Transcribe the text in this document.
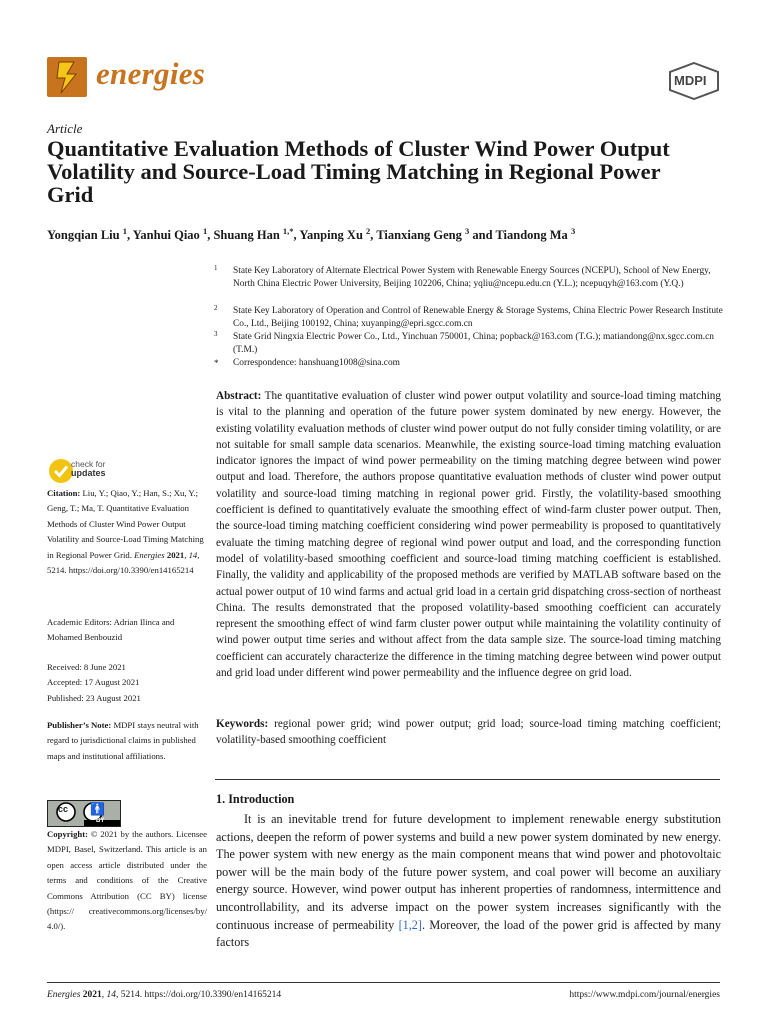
energies	MDPI
Article
Quantitative Evaluation Methods of Cluster Wind Power Output Volatility and Source-Load Timing Matching in Regional Power Grid
Yongqian Liu $^1$, Yanhui Qiao $^1$, Shuang Han $^{1,*}$, Yanping Xu $^2$, Tianxiang Geng $^3$ and Tiandong Ma $^3$
1 State Key Laboratory of Alternate Electrical Power System with Renewable Energy Sources (NCEPU), School of New Energy, North China Electric Power University, Beijing 102206, China; yqliu@ncepu.edu.cn (Y.L.); ncepuqyh@163.com (Y.Q.)
2 State Key Laboratory of Operation and Control of Renewable Energy & Storage Systems, China Electric Power Research Institute Co., Ltd., Beijing 100192, China; xuyanping@epri.sgcc.com.cn
3 State Grid Ningxia Electric Power Co., Ltd., Yinchuan 750001, China; popback@163.com (T.G.); matiandong@nx.sgcc.com.cn (T.M.)
* Correspondence: hanshuang1008@sina.com
Abstract: The quantitative evaluation of cluster wind power output volatility and source-load timing matching is vital to the planning and operation of the future power system dominated by new energy. However, the existing volatility evaluation methods of cluster wind power output do not fully consider timing volatility, or are not suitable for small sample data scenarios. Meanwhile, the existing source-load timing matching evaluation indicator ignores the impact of wind power permeability on the timing matching degree between wind power output and load. Therefore, the authors propose quantitative evaluation methods of cluster wind power output volatility and source-load timing matching in regional power grid. Firstly, the volatility-based smoothing coefficient is defined to quantitatively evaluate the smoothing effect of wind-farm cluster power output. Then, the source-load timing matching coefficient considering wind power permeability is proposed to quantitatively evaluate the timing matching degree of regional wind power output and load, and the corresponding function model of volatility-based smoothing coefficient and source-load timing matching coefficient is established. Finally, the validity and applicability of the proposed methods are verified by MATLAB software based on the actual power output of 10 wind farms and actual grid load in a certain grid dispatching cross-section of northeast China. The results demonstrated that the proposed volatility-based smoothing coefficient can accurately represent the smoothing effect of wind farm cluster power output while maintaining the volatility continuity of wind power output time series and without affect from the data sample size. The source-load timing matching coefficient can accurately characterize the difference in the timing matching degree between wind power output and grid load under different wind power permeability and the influence degree on grid load.
Keywords: regional power grid; wind power output; grid load; source-load timing matching coefficient; volatility-based smoothing coefficient
check for
updates
Citation: Liu, Y.; Qiao, Y.; Han, S.; Xu, Y.; Geng, T.; Ma, T. Quantitative Evaluation Methods of Cluster Wind Power Output Volatility and Source-Load Timing Matching in Regional Power Grid. Energies 2021, 14, 5214. https://doi.org/10.3390/en14165214
Academic Editors: Adrian Ilinca and Mohamed Benbouzid
Received: 8 June 2021
Accepted: 17 August 2021
Published: 23 August 2021
Publisher’s Note: MDPI stays neutral with regard to jurisdictional claims in published maps and institutional affiliations.
cc 🚹
BY
Copyright: © 2021 by the authors. Licensee MDPI, Basel, Switzerland. This article is an open access article distributed under the terms and conditions of the Creative Commons Attribution (CC BY) license (https:// creativecommons.org/licenses/by/ 4.0/).
1. Introduction

It is an inevitable trend for future development to implement renewable energy substitution actions, deepen the reform of power systems and build a new power system dominated by new energy. The power system with new energy as the main component means that wind power and photovoltaic power will be the main body of the future power system, and coal power will become an auxiliary energy source. However, wind power output has inherent properties of randomness, intermittence and uncontrollability, and its adverse impact on the power system increases significantly with the continuous increase of permeability [1,2]. Moreover, the load of the power grid is affected by many factors

Energies 2021, 14, 5214. https://doi.org/10.3390/en14165214	https://www.mdpi.com/journal/energies
